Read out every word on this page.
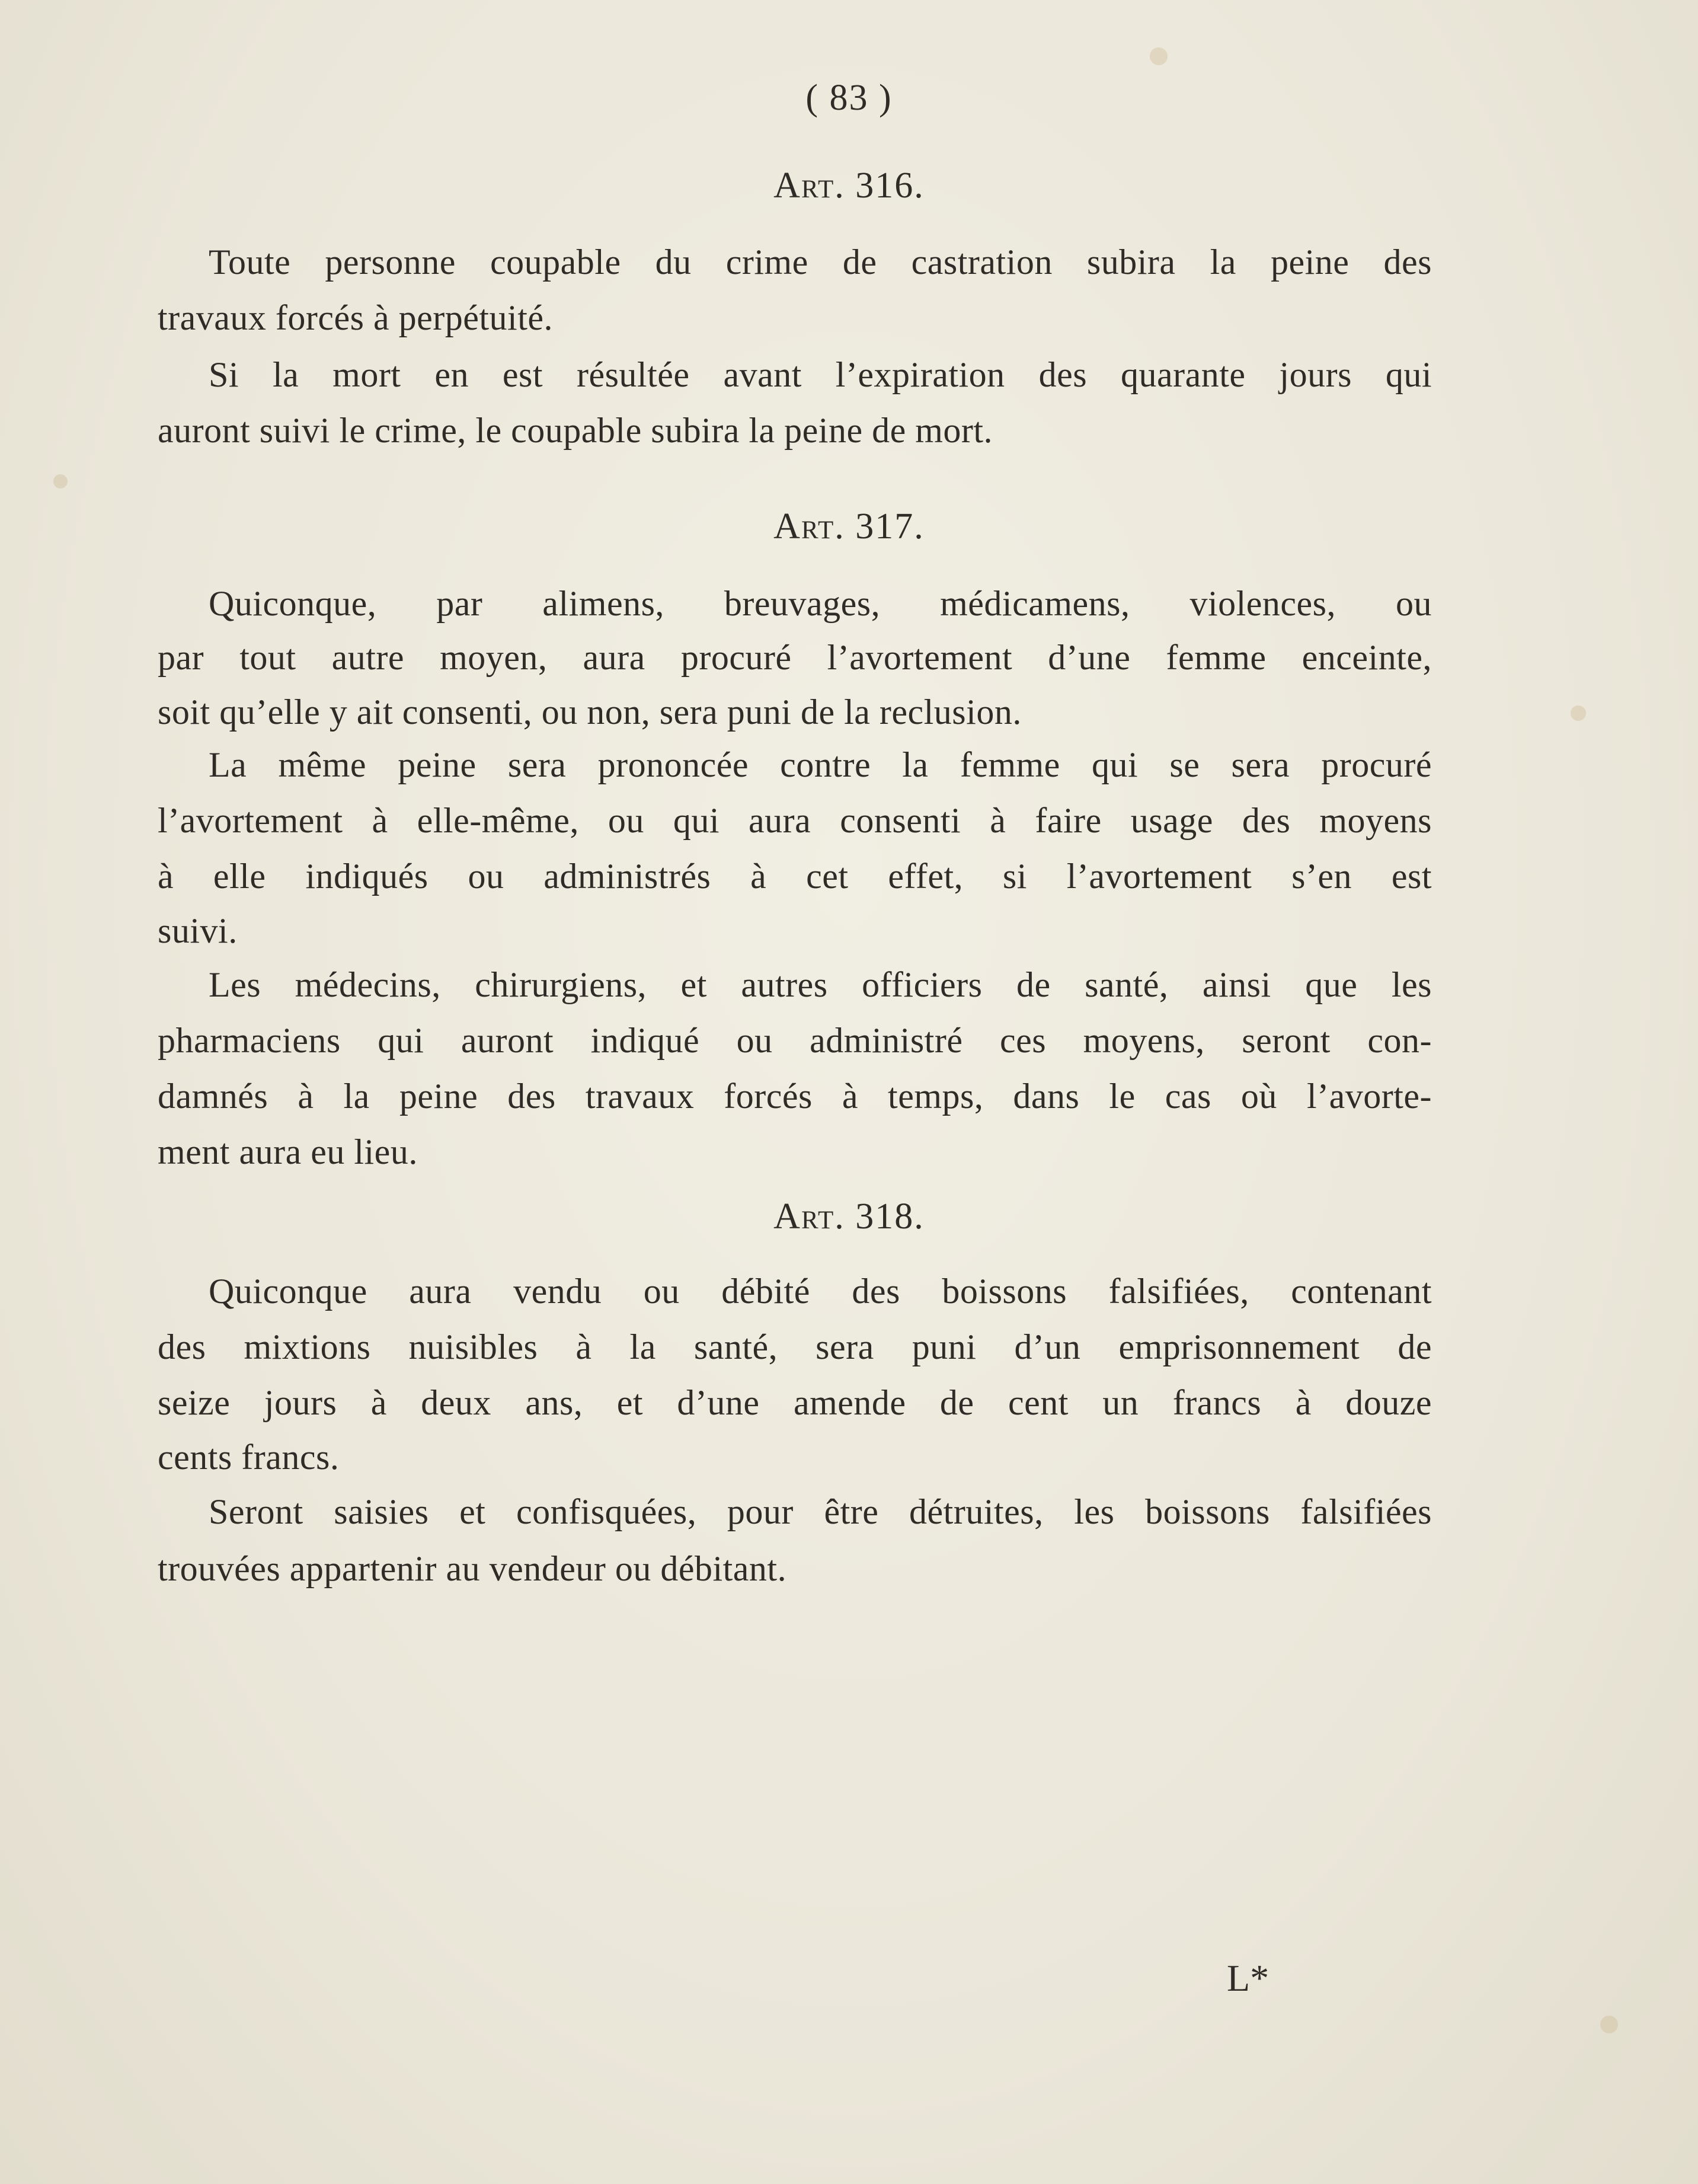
( 83 )
Art. 316.
Toute personne coupable du crime de castration subira la peine des
travaux forcés à perpétuité.
Si la mort en est résultée avant l’expiration des quarante jours qui
auront suivi le crime, le coupable subira la peine de mort.
Art. 317.
Quiconque, par alimens, breuvages, médicamens, violences, ou
par tout autre moyen, aura procuré l’avortement d’une femme enceinte,
soit qu’elle y ait consenti, ou non, sera puni de la reclusion.
La même peine sera prononcée contre la femme qui se sera procuré
l’avortement à elle-même, ou qui aura consenti à faire usage des moyens
à elle indiqués ou administrés à cet effet, si l’avortement s’en est
suivi.
Les médecins, chirurgiens, et autres officiers de santé, ainsi que les
pharmaciens qui auront indiqué ou administré ces moyens, seront con-
damnés à la peine des travaux forcés à temps, dans le cas où l’avorte-
ment aura eu lieu.
Art. 318.
Quiconque aura vendu ou débité des boissons falsifiées, contenant
des mixtions nuisibles à la santé, sera puni d’un emprisonnement de
seize jours à deux ans, et d’une amende de cent un francs à douze
cents francs.
Seront saisies et confisquées, pour être détruites, les boissons falsifiées
trouvées appartenir au vendeur ou débitant.
L*
